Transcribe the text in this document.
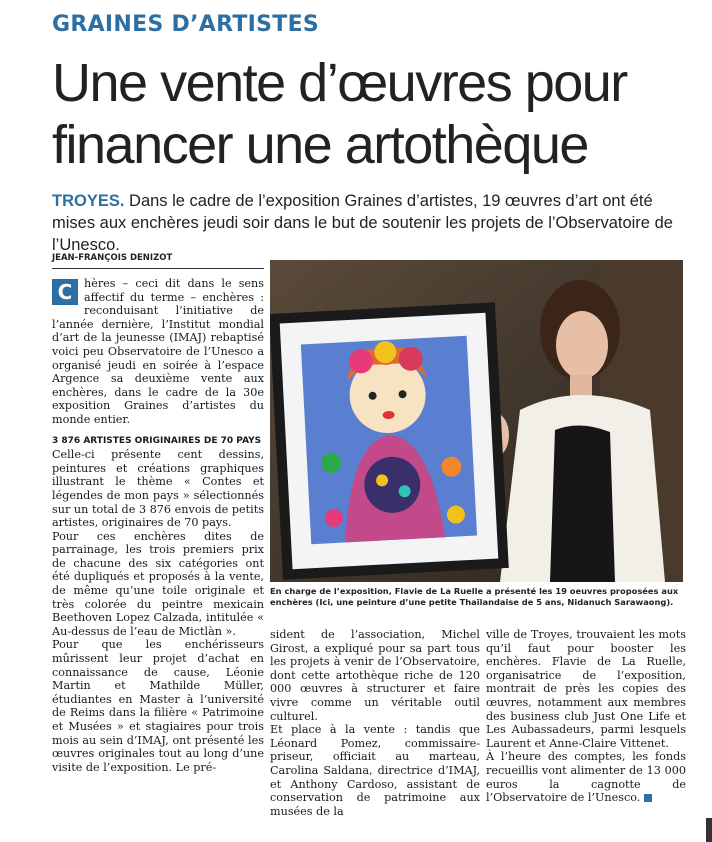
GRAINES D’ARTISTES
Une vente d’œuvres pour financer une artothèque
TROYES. Dans le cadre de l’exposition Graines d’artistes, 19 œuvres d’art ont été mises aux enchères jeudi soir dans le but de soutenir les projets de l’Observatoire de l’Unesco.
JEAN-FRANÇOIS DENIZOT

C	hères – ceci dit dans le sens affectif du terme – enchères : reconduisant l’initiative de l’année dernière, l’Institut mondial d’art de la jeunesse (IMAJ) rebaptisé voici peu Observatoire de l’Unesco a organisé jeudi en soirée à l’espace Argence sa deuxième vente aux enchères, dans le cadre de la 30e exposition Graines d’artistes du monde entier.

3 876 ARTISTES ORIGINAIRES DE 70 PAYS

Celle-ci présente cent dessins, peintures et créations graphiques illustrant le thème « Contes et légendes de mon pays » sélectionnés sur un total de 3 876 envois de petits artistes, originaires de 70 pays.

Pour ces enchères dites de parrainage, les trois premiers prix de chacune des six catégories ont été dupliqués et proposés à la vente, de même qu’une toile originale et très colorée du peintre mexicain Beethoven Lopez Calzada, intitulée « Au-dessus de l’eau de Mictlàn ».

Pour que les enchérisseurs mûrissent leur projet d’achat en connaissance de cause, Léonie Martin et Mathilde Müller, étudiantes en Master à l’université de Reims dans la filière « Patrimoine et Musées » et stagiaires pour trois mois au sein d’IMAJ, ont présenté les œuvres originales tout au long d’une visite de l’exposition. Le pré-

En charge de l’exposition, Flavie de La Ruelle a présenté les 19 oeuvres proposées aux enchères (Ici, une peinture d’une petite Thaïlandaise de 5 ans, Nidanuch Sarawaong).

sident de l’association, Michel Girost, a expliqué pour sa part tous les projets à venir de l’Observatoire, dont cette artothèque riche de 120 000 œuvres à structurer et faire vivre comme un véritable outil culturel.

Et place à la vente : tandis que Léonard Pomez, commissaire-priseur, officiait au marteau, Carolina Saldana, directrice d’IMAJ, et Anthony Cardoso, assistant de conservation de patrimoine aux musées de la

ville de Troyes, trouvaient les mots qu’il faut pour booster les enchères. Flavie de La Ruelle, organisatrice de l’exposition, montrait de près les copies des œuvres, notamment aux membres des business club Just One Life et Les Aubassadeurs, parmi lesquels Laurent et Anne-Claire Vittenet.

À l’heure des comptes, les fonds recueillis vont alimenter de 13 000 euros la cagnotte de l’Observatoire de l’Unesco.
